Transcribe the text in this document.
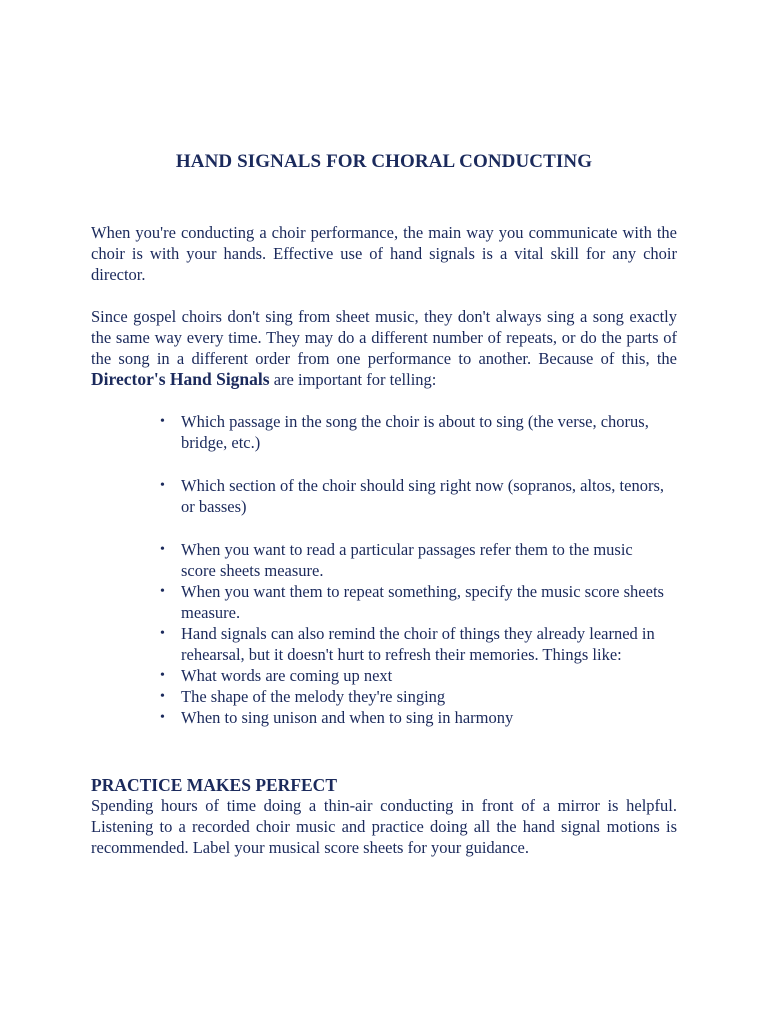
HAND SIGNALS FOR CHORAL CONDUCTING

When you're conducting a choir performance, the main way you communicate with the choir is with your hands. Effective use of hand signals is a vital skill for any choir director.

Since gospel choirs don't sing from sheet music, they don't always sing a song exactly the same way every time. They may do a different number of repeats, or do the parts of the song in a different order from one performance to another. Because of this, the Director's Hand Signals are important for telling:

• Which passage in the song the choir is about to sing (the verse, chorus, bridge, etc.)
• Which section of the choir should sing right now (sopranos, altos, tenors, or basses)
• When you want to read a particular passages refer them to the music score sheets measure.
• When you want them to repeat something, specify the music score sheets measure.
• Hand signals can also remind the choir of things they already learned in rehearsal, but it doesn't hurt to refresh their memories. Things like:
• What words are coming up next
• The shape of the melody they're singing
• When to sing unison and when to sing in harmony
PRACTICE MAKES PERFECT

Spending hours of time doing a thin-air conducting in front of a mirror is helpful. Listening to a recorded choir music and practice doing all the hand signal motions is recommended. Label your musical score sheets for your guidance.
